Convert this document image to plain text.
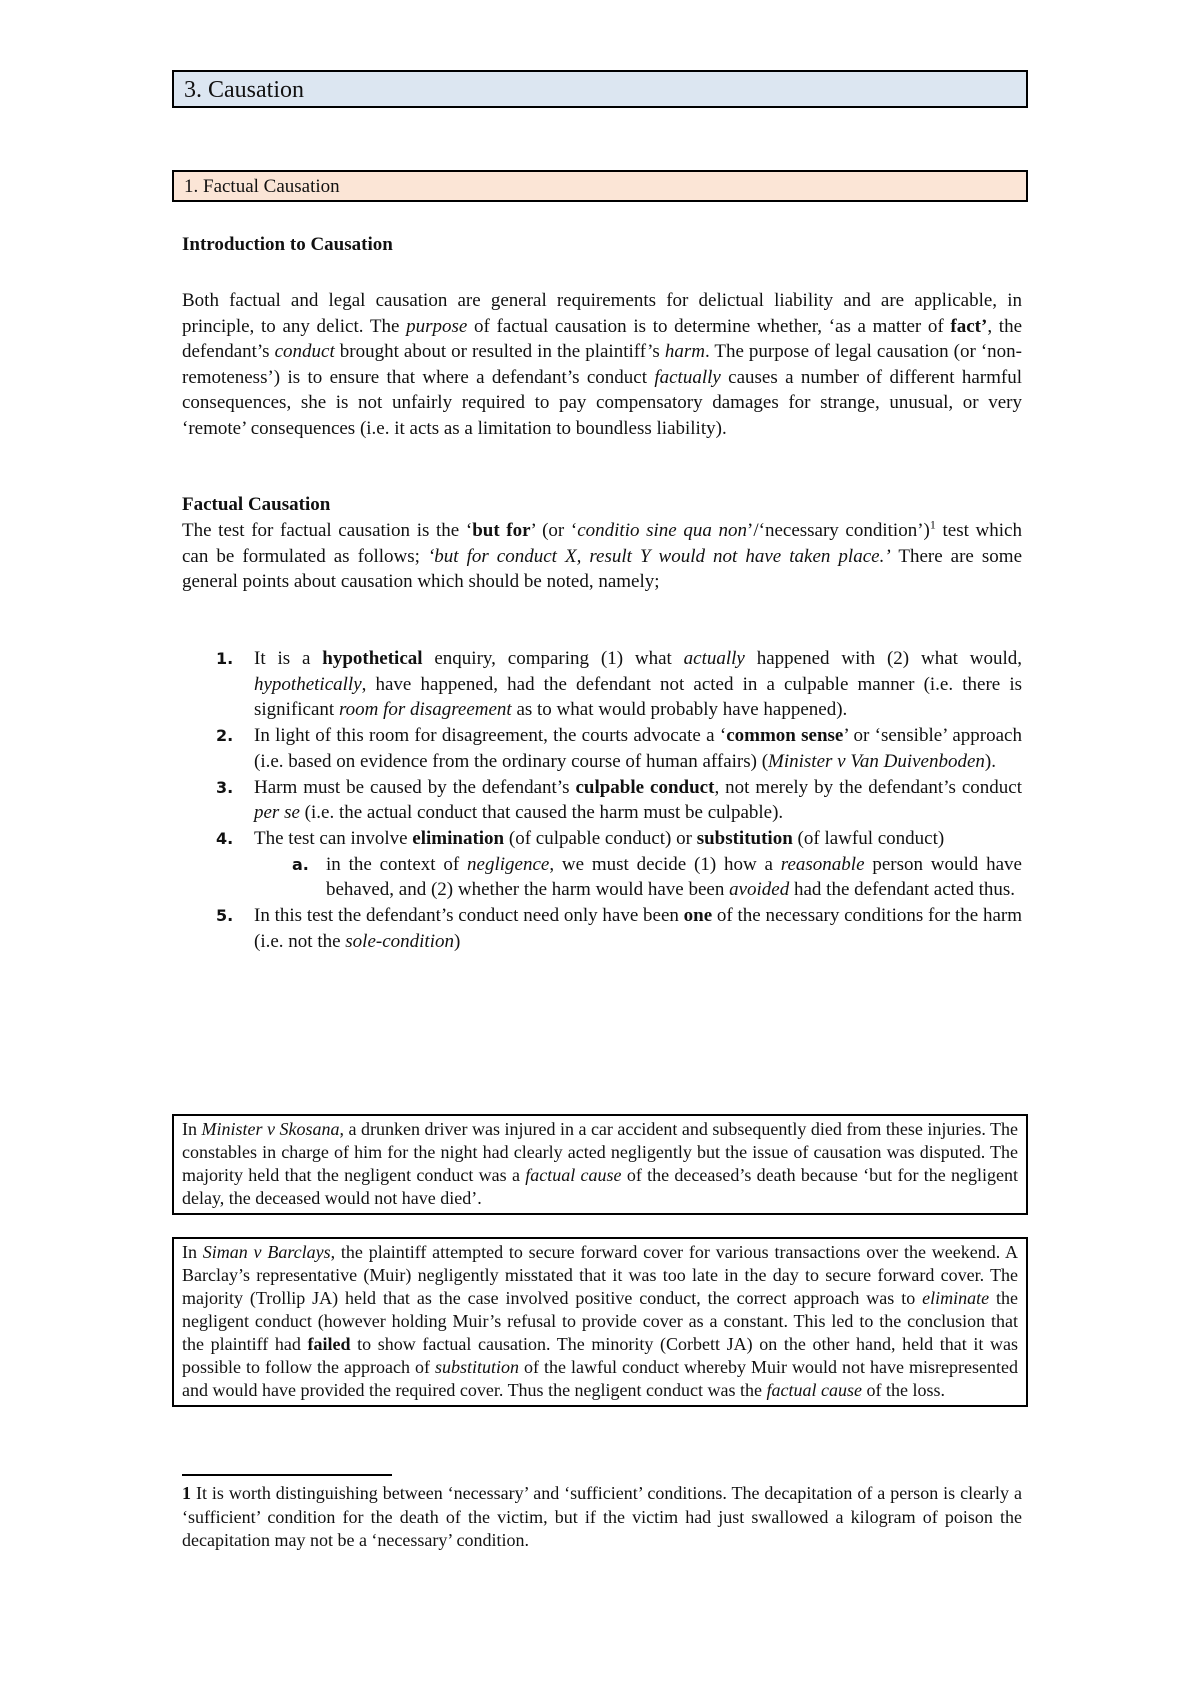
3. Causation
1. Factual Causation
Introduction to Causation

Both factual and legal causation are general requirements for delictual liability and are applicable, in principle, to any delict. The purpose of factual causation is to determine whether, ‘as a matter of fact’, the defendant’s conduct brought about or resulted in the plaintiff’s harm. The purpose of legal causation (or ‘non-remoteness’) is to ensure that where a defendant’s conduct factually causes a number of different harmful consequences, she is not unfairly required to pay compensatory damages for strange, unusual, or very ‘remote’ consequences (i.e. it acts as a limitation to boundless liability).

Factual Causation

The test for factual causation is the ‘but for’ (or ‘conditio sine qua non’/‘necessary condition’)$^1$ test which can be formulated as follows; ‘but for conduct X, result Y would not have taken place.’ There are some general points about causation which should be noted, namely;

1. It is a hypothetical enquiry, comparing (1) what actually happened with (2) what would, hypothetically, have happened, had the defendant not acted in a culpable manner (i.e. there is significant room for disagreement as to what would probably have happened).
2. In light of this room for disagreement, the courts advocate a ‘common sense’ or ‘sensible’ approach (i.e. based on evidence from the ordinary course of human affairs) (Minister v Van Duivenboden).
3. Harm must be caused by the defendant’s culpable conduct, not merely by the defendant’s conduct per se (i.e. the actual conduct that caused the harm must be culpable).
4. The test can involve elimination (of culpable conduct) or substitution (of lawful conduct)
a. in the context of negligence, we must decide (1) how a reasonable person would have behaved, and (2) whether the harm would have been avoided had the defendant acted thus.
5. In this test the defendant’s conduct need only have been one of the necessary conditions for the harm (i.e. not the sole-condition)
In Minister v Skosana, a drunken driver was injured in a car accident and subsequently died from these injuries. The constables in charge of him for the night had clearly acted negligently but the issue of causation was disputed. The majority held that the negligent conduct was a factual cause of the deceased’s death because ‘but for the negligent delay, the deceased would not have died’.
In Siman v Barclays, the plaintiff attempted to secure forward cover for various transactions over the weekend. A Barclay’s representative (Muir) negligently misstated that it was too late in the day to secure forward cover. The majority (Trollip JA) held that as the case involved positive conduct, the correct approach was to eliminate the negligent conduct (however holding Muir’s refusal to provide cover as a constant. This led to the conclusion that the plaintiff had failed to show factual causation. The minority (Corbett JA) on the other hand, held that it was possible to follow the approach of substitution of the lawful conduct whereby Muir would not have misrepresented and would have provided the required cover. Thus the negligent conduct was the factual cause of the loss.

1 It is worth distinguishing between ‘necessary’ and ‘sufficient’ conditions. The decapitation of a person is clearly a ‘sufficient’ condition for the death of the victim, but if the victim had just swallowed a kilogram of poison the decapitation may not be a ‘necessary’ condition.
